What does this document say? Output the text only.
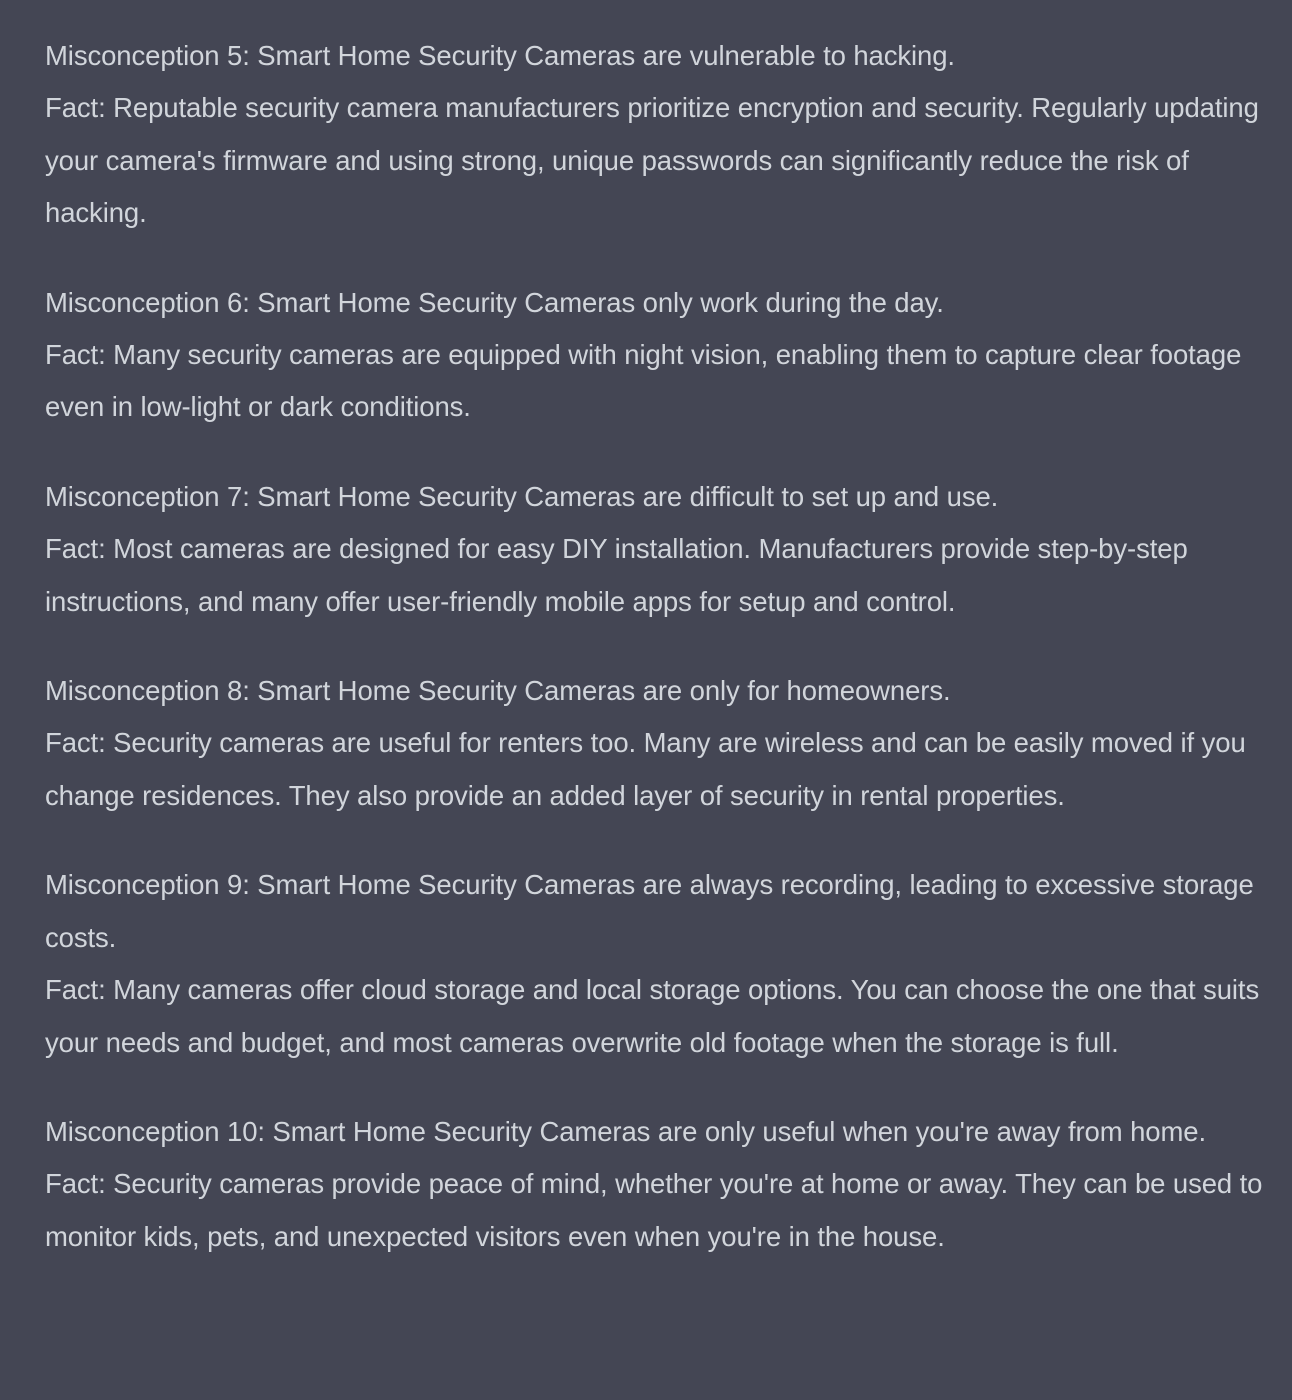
Misconception 5: Smart Home Security Cameras are vulnerable to hacking.

Fact: Reputable security camera manufacturers prioritize encryption and security. Regularly updating your camera's firmware and using strong, unique passwords can significantly reduce the risk of hacking.

Misconception 6: Smart Home Security Cameras only work during the day.

Fact: Many security cameras are equipped with night vision, enabling them to capture clear footage even in low-light or dark conditions.

Misconception 7: Smart Home Security Cameras are difficult to set up and use.

Fact: Most cameras are designed for easy DIY installation. Manufacturers provide step-by-step instructions, and many offer user-friendly mobile apps for setup and control.

Misconception 8: Smart Home Security Cameras are only for homeowners.

Fact: Security cameras are useful for renters too. Many are wireless and can be easily moved if you change residences. They also provide an added layer of security in rental properties.

Misconception 9: Smart Home Security Cameras are always recording, leading to excessive storage costs.

Fact: Many cameras offer cloud storage and local storage options. You can choose the one that suits your needs and budget, and most cameras overwrite old footage when the storage is full.

Misconception 10: Smart Home Security Cameras are only useful when you're away from home.

Fact: Security cameras provide peace of mind, whether you're at home or away. They can be used to monitor kids, pets, and unexpected visitors even when you're in the house.
